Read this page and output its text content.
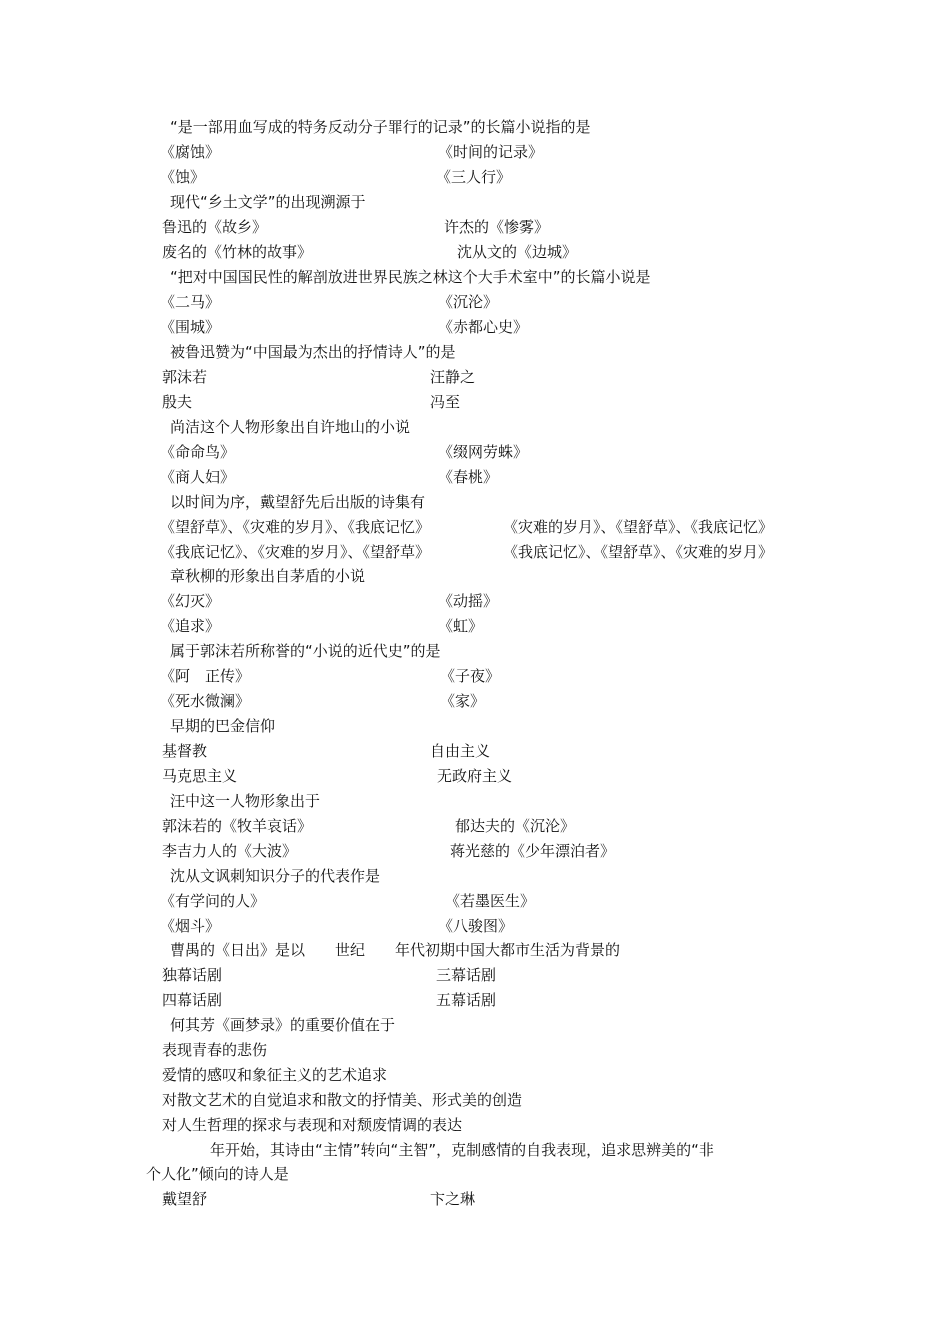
“是一部用血写成的特务反动分子罪行的记录”的长篇小说指的是
《腐蚀》	《时间的记录》
《蚀》	《三人行》
现代“乡土文学”的出现溯源于
鲁迅的《故乡》	许杰的《惨雾》
废名的《竹林的故事》	沈从文的《边城》
“把对中国国民性的解剖放进世界民族之林这个大手术室中”的长篇小说是
《二马》	《沉沦》
《围城》	《赤都心史》
被鲁迅赞为“中国最为杰出的抒情诗人”的是
郭沫若	汪静之
殷夫	冯至
尚洁这个人物形象出自许地山的小说
《命命鸟》	《缀网劳蛛》
《商人妇》	《春桃》
以时间为序，戴望舒先后出版的诗集有
《望舒草》、《灾难的岁月》、《我底记忆》	《灾难的岁月》、《望舒草》、《我底记忆》
《我底记忆》、《灾难的岁月》、《望舒草》	《我底记忆》、《望舒草》、《灾难的岁月》
章秋柳的形象出自茅盾的小说
《幻灭》	《动摇》
《追求》	《虹》
属于郭沫若所称誉的“小说的近代史”的是
《阿　正传》	《子夜》
《死水微澜》	《家》
早期的巴金信仰
基督教	自由主义
马克思主义	无政府主义
汪中这一人物形象出于
郭沫若的《牧羊哀话》	郁达夫的《沉沦》
李吉力人的《大波》	蒋光慈的《少年漂泊者》
沈从文讽刺知识分子的代表作是
《有学问的人》	《若墨医生》
《烟斗》	《八骏图》
曹禺的《日出》是以　　世纪　　年代初期中国大都市生活为背景的
独幕话剧	三幕话剧
四幕话剧	五幕话剧
何其芳《画梦录》的重要价值在于
表现青春的悲伤
爱情的感叹和象征主义的艺术追求
对散文艺术的自觉追求和散文的抒情美、形式美的创造
对人生哲理的探求与表现和对颓废情调的表达
年开始，其诗由“主情”转向“主智”，克制感情的自我表现，追求思辨美的“非
个人化”倾向的诗人是
戴望舒	卞之琳
